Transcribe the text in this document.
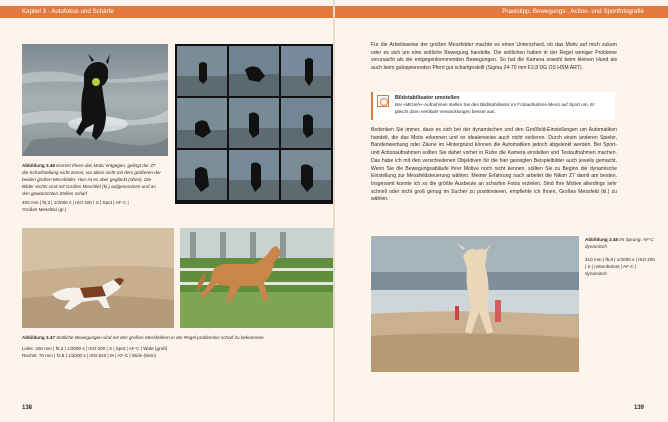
Kapitel 3 · Autofokus und Schärfe
Abbildung 3.46 Kommt Ihnen das Motiv entgegen, gelingt der Z7 die Scharfstellung nicht immer, vor allem nicht mit dem größeren der beiden großen Messfelder. Hier ist es aber geglückt (oben). Die Bilder rechts sind mit Großes Messfeld (kl.) aufgenommen und an den gewünschten Stellen scharf
400 mm | f6,3 | 1/2000 s | ISO 400 | S | Spot | AF-C |
Großes Messfeld (gr.)
Abbildung 3.47 Seitliche Bewegungen sind mit den großen Messfeldern in der Regel problemlos scharf zu bekommen.
Links: 400 mm | f6,3 | 1/2000 s | ISO 200 | S | Spot | AF-C | Wide (groß)
Rechts: 70 mm | f2,8 | 1/2000 s | ISO 640 | M | AF-C | Wide (klein)
138
Praxistipp: Bewegungs-, Action- und Sportfotografie
Für die Arbeitsweise der großen Messfelder machte es einen Unterschied, ob das Motiv auf mich zukam oder es sich um eine seitliche Bewegung handelte. Die seitlichen haben in der Regel weniger Probleme verursacht als die entgegenkommenden Bewegungen. So hat die Kamera sowohl beim kleinen Hund als auch beim galoppierenden Pferd gut scharfgestellt (Sigma 24-70 mm F2,8 DG OS HSM ART).
Bildstabilisator umstellen
Bei »Mitzieh«-Aufnahmen stellen Sie den Bildstabilisator im Fotoaufnahme-Menü auf Sport um. Er gleicht dann vertikale Verwacklungen besser aus.
Bedenken Sie immer, dass es sich bei der dynamischen und den Großfeld-Einstellungen um Automatiken handelt, die das Motiv erkennen und es idealerweise auch nicht verlieren. Durch einen anderen Spieler, Bandenwerbung oder Zäune im Hintergrund können die Automatiken jedoch abgelenkt werden. Bei Sport- und Actionaufnahmen sollten Sie daher vorher in Ruhe die Kamera einstellen und Testaufnahmen machen. Das habe ich mit den verschiedenen Objektiven für die hier gezeigten Beispielbilder auch jeweils gemacht. Wenn Sie die Bewegungsabläufe Ihrer Motive noch nicht kennen, sollten Sie zu Beginn die dynamische Einstellung zur Messfeldsteuerung wählen. Meiner Erfahrung nach arbeitet die Nikon Z7 damit am besten. Insgesamt konnte ich so die größte Ausbeute an scharfen Fotos erzielen. Sind Ihre Motive allerdings sehr schnell oder nicht groß genug im Sucher zu positionieren, empfiehle ich Ihnen, Großes Messfeld (kl.) zu wählen.
Abbildung 3.48 Im Sprung. AF-C dynamisch
310 mm | f5,6 | 1/2000 s | ISO 200 | S | mittenbetont | AF-C | dynamisch
139
